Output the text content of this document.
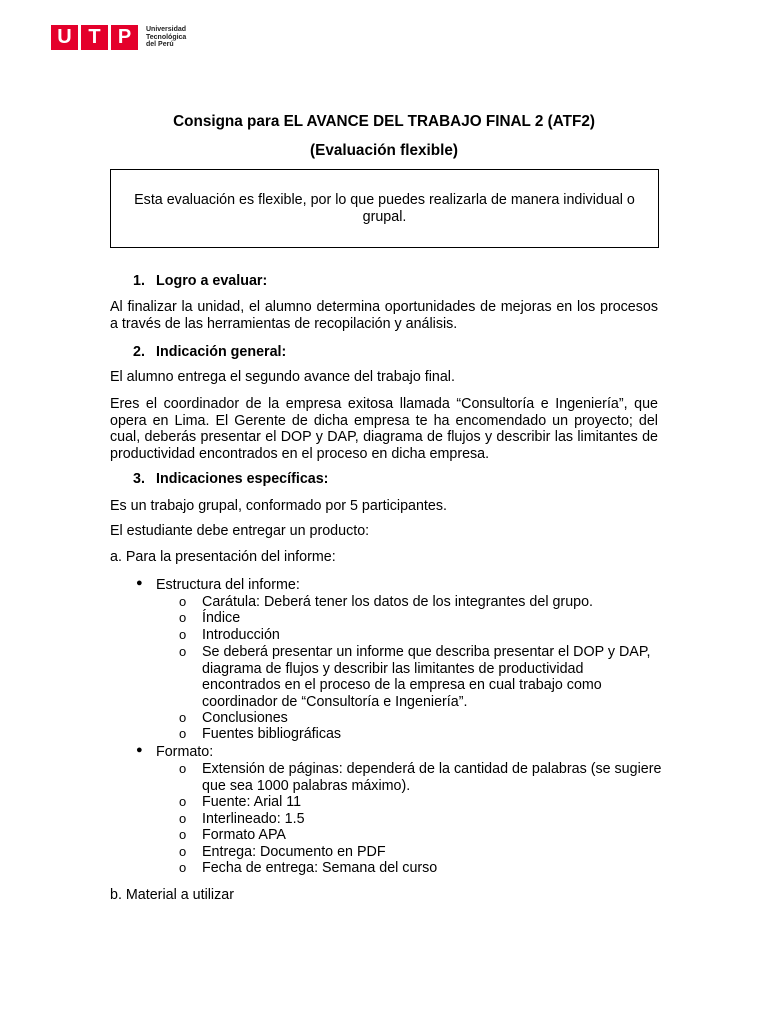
U T P	Universidad
Tecnológica
del Perú
Consigna para EL AVANCE DEL TRABAJO FINAL 2 (ATF2)
(Evaluación flexible)
Esta evaluación es flexible, por lo que puedes realizarla de manera individual o grupal.
1. Logro a evaluar:
Al finalizar la unidad, el alumno determina oportunidades de mejoras en los procesos a través de las herramientas de recopilación y análisis.
2. Indicación general:
El alumno entrega el segundo avance del trabajo final.
Eres el coordinador de la empresa exitosa llamada “Consultoría e Ingeniería”, que opera en Lima. El Gerente de dicha empresa te ha encomendado un proyecto; del cual, deberás presentar el DOP y DAP, diagrama de flujos y describir las limitantes de productividad encontrados en el proceso en dicha empresa.
3. Indicaciones específicas:
Es un trabajo grupal, conformado por 5 participantes.
El estudiante debe entregar un producto:
a. Para la presentación del informe:
● Estructura del informe:
o Carátula: Deberá tener los datos de los integrantes del grupo.
o Índice
o Introducción
o Se deberá presentar un informe que describa presentar el DOP y DAP, diagrama de flujos y describir las limitantes de productividad encontrados en el proceso de la empresa en cual trabajo como coordinador de “Consultoría e Ingeniería”.
o Conclusiones
o Fuentes bibliográficas
● Formato:
o Extensión de páginas: dependerá de la cantidad de palabras (se sugiere que sea 1000 palabras máximo).
o Fuente: Arial 11
o Interlineado: 1.5
o Formato APA
o Entrega: Documento en PDF
o Fecha de entrega: Semana del curso
b. Material a utilizar
